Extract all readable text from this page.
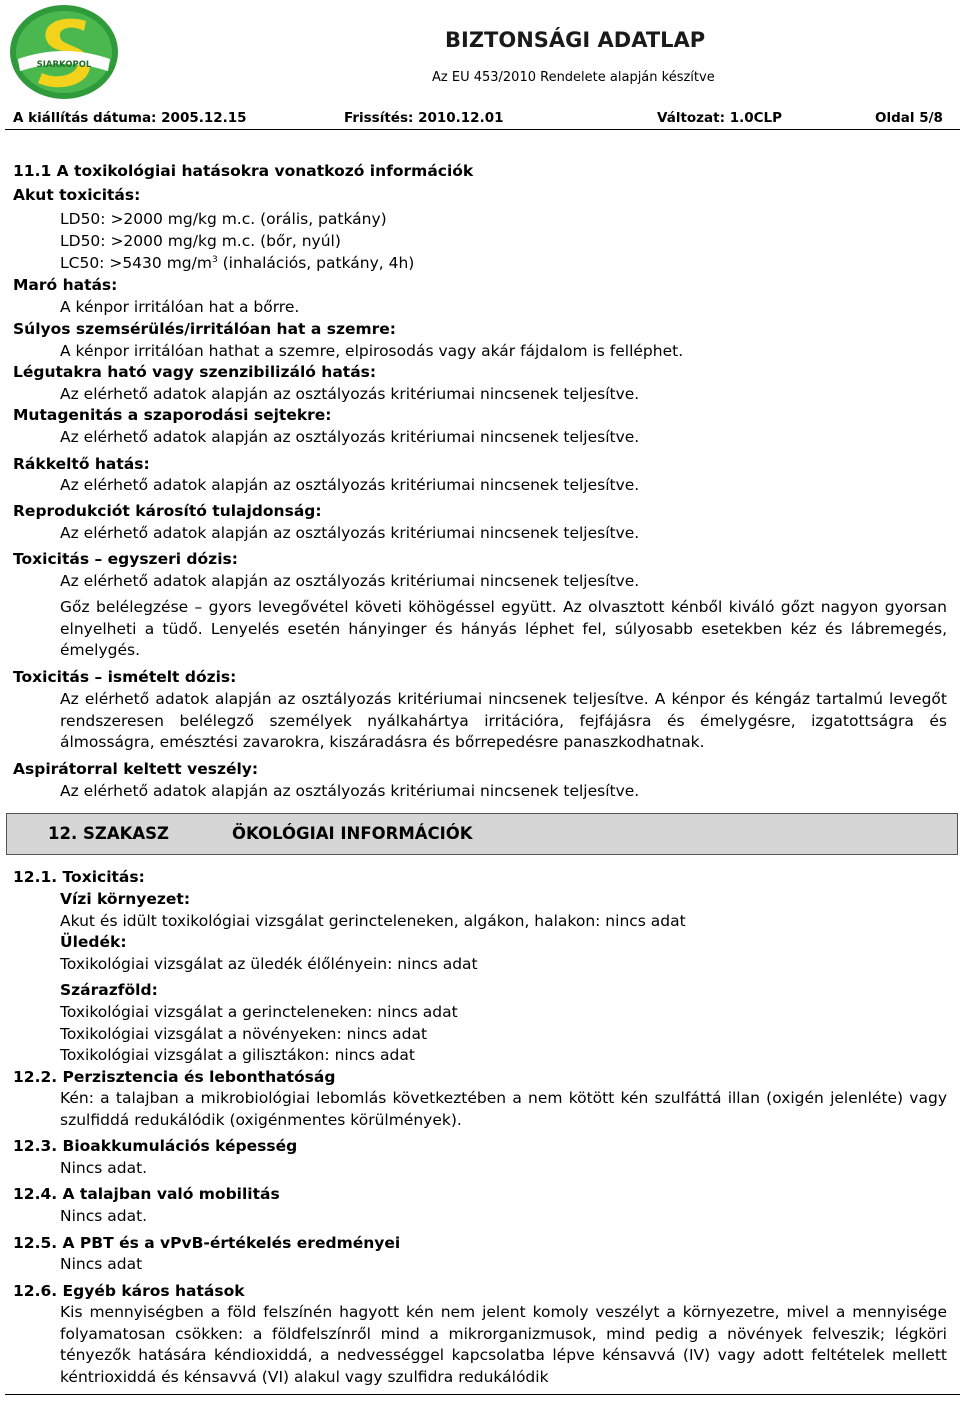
SIARKOPOL
BIZTONSÁGI ADATLAP
Az EU 453/2010 Rendelete alapján készítve
A kiállítás dátuma: 2005.12.15	Frissítés: 2010.12.01	Változat: 1.0CLP	Oldal 5/8
11.1 A toxikológiai hatásokra vonatkozó információk
Akut toxicitás:
LD50: >2000 mg/kg m.c. (orális, patkány)
LD50: >2000 mg/kg m.c. (bőr, nyúl)
LC50: >5430 $mg/m^3$ (inhalációs, patkány, 4h)
Maró hatás:
A kénpor irritálóan hat a bőrre.
Súlyos szemsérülés/irritálóan hat a szemre:
A kénpor irritálóan hathat a szemre, elpirosodás vagy akár fájdalom is felléphet.
Légutakra ható vagy szenzibilizáló hatás:
Az elérhető adatok alapján az osztályozás kritériumai nincsenek teljesítve.
Mutagenitás a szaporodási sejtekre:
Az elérhető adatok alapján az osztályozás kritériumai nincsenek teljesítve.
Rákkeltő hatás:
Az elérhető adatok alapján az osztályozás kritériumai nincsenek teljesítve.
Reprodukciót károsító tulajdonság:
Az elérhető adatok alapján az osztályozás kritériumai nincsenek teljesítve.
Toxicitás – egyszeri dózis:
Az elérhető adatok alapján az osztályozás kritériumai nincsenek teljesítve.
Gőz belélegzése – gyors levegővétel követi köhögéssel együtt. Az olvasztott kénből kiváló gőzt nagyon gyorsan elnyelheti a tüdő. Lenyelés esetén hányinger és hányás léphet fel, súlyosabb esetekben kéz és lábremegés, émelygés.
Toxicitás – ismételt dózis:
Az elérhető adatok alapján az osztályozás kritériumai nincsenek teljesítve. A kénpor és kéngáz tartalmú levegőt rendszeresen belélegző személyek nyálkahártya irritációra, fejfájásra és émelygésre, izgatottságra és álmosságra, emésztési zavarokra, kiszáradásra és bőrrepedésre panaszkodhatnak.
Aspirátorral keltett veszély:
Az elérhető adatok alapján az osztályozás kritériumai nincsenek teljesítve.
12. SZAKASZ	ÖKOLÓGIAI INFORMÁCIÓK
12.1. Toxicitás:
Vízi környezet:
Akut és idült toxikológiai vizsgálat gerincteleneken, algákon, halakon: nincs adat
Üledék:
Toxikológiai vizsgálat az üledék élőlényein: nincs adat
Szárazföld:
Toxikológiai vizsgálat a gerincteleneken: nincs adat
Toxikológiai vizsgálat a növényeken: nincs adat
Toxikológiai vizsgálat a gilisztákon: nincs adat
12.2. Perzisztencia és lebonthatóság
Kén: a talajban a mikrobiológiai lebomlás következtében a nem kötött kén szulfáttá illan (oxigén jelenléte) vagy szulfiddá redukálódik (oxigénmentes körülmények).
12.3. Bioakkumulációs képesség
Nincs adat.
12.4. A talajban való mobilitás
Nincs adat.
12.5. A PBT és a vPvB-értékelés eredményei
Nincs adat
12.6. Egyéb káros hatások
Kis mennyiségben a föld felszínén hagyott kén nem jelent komoly veszélyt a környezetre, mivel a mennyisége folyamatosan csökken: a földfelszínről mind a mikrorganizmusok, mind pedig a növények felveszik; légköri tényezők hatására kéndioxiddá, a nedvességgel kapcsolatba lépve kénsavvá (IV) vagy adott feltételek mellett kéntrioxiddá és kénsavvá (VI) alakul vagy szulfidra redukálódik
